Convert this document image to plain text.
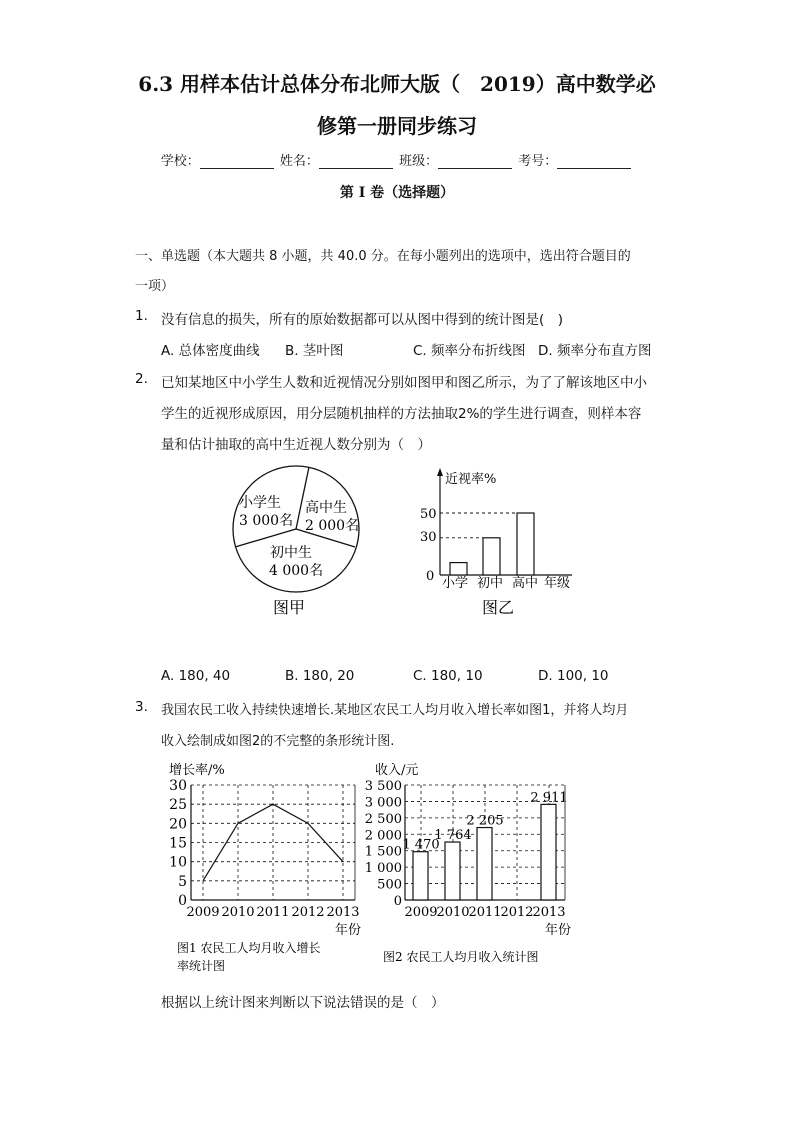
6.3 用样本估计总体分布北师大版（　2019）高中数学必
修第一册同步练习
学校：	姓名：	班级：	考号：
第 I 卷（选择题）
一、单选题（本大题共 8 小题，共 40.0 分。在每小题列出的选项中，选出符合题目的
一项）
1. 没有信息的损失，所有的原始数据都可以从图中得到的统计图是(　)
A. 总体密度曲线 B. 茎叶图	C. 频率分布折线图 D. 频率分布直方图
2. 已知某地区中小学生人数和近视情况分别如图甲和图乙所示，为了了解该地区中小
学生的近视形成原因，用分层随机抽样的方法抽取2%的学生进行调查，则样本容
量和估计抽取的高中生近视人数分别为（　）
小学生
3 000名
高中生
2 000名
初中生
4 000名
图甲
近视率%
0
30
50
小学 初中 高中 年级
图乙
A. 180, 40	B. 180, 20	C. 180, 10	D. 100, 10
3. 我国农民工收入持续快速增长.某地区农民工人均月收入增长率如图1，并将人均月
收入绘制成如图2的不完整的条形统计图.
增长率/%
0
5
10
15
20
25
30
2009 2010 2011 2012 2013
年份
图1 农民工人均月收入增长
率统计图
收入/元
0
500
1 000
1 500
2 000
2 500
3 000
3 500
1 470
1 764
2 205
2 911
2009
2010
2011
2012
2013
年份
图2 农民工人均月收入统计图
根据以上统计图来判断以下说法错误的是（　）
